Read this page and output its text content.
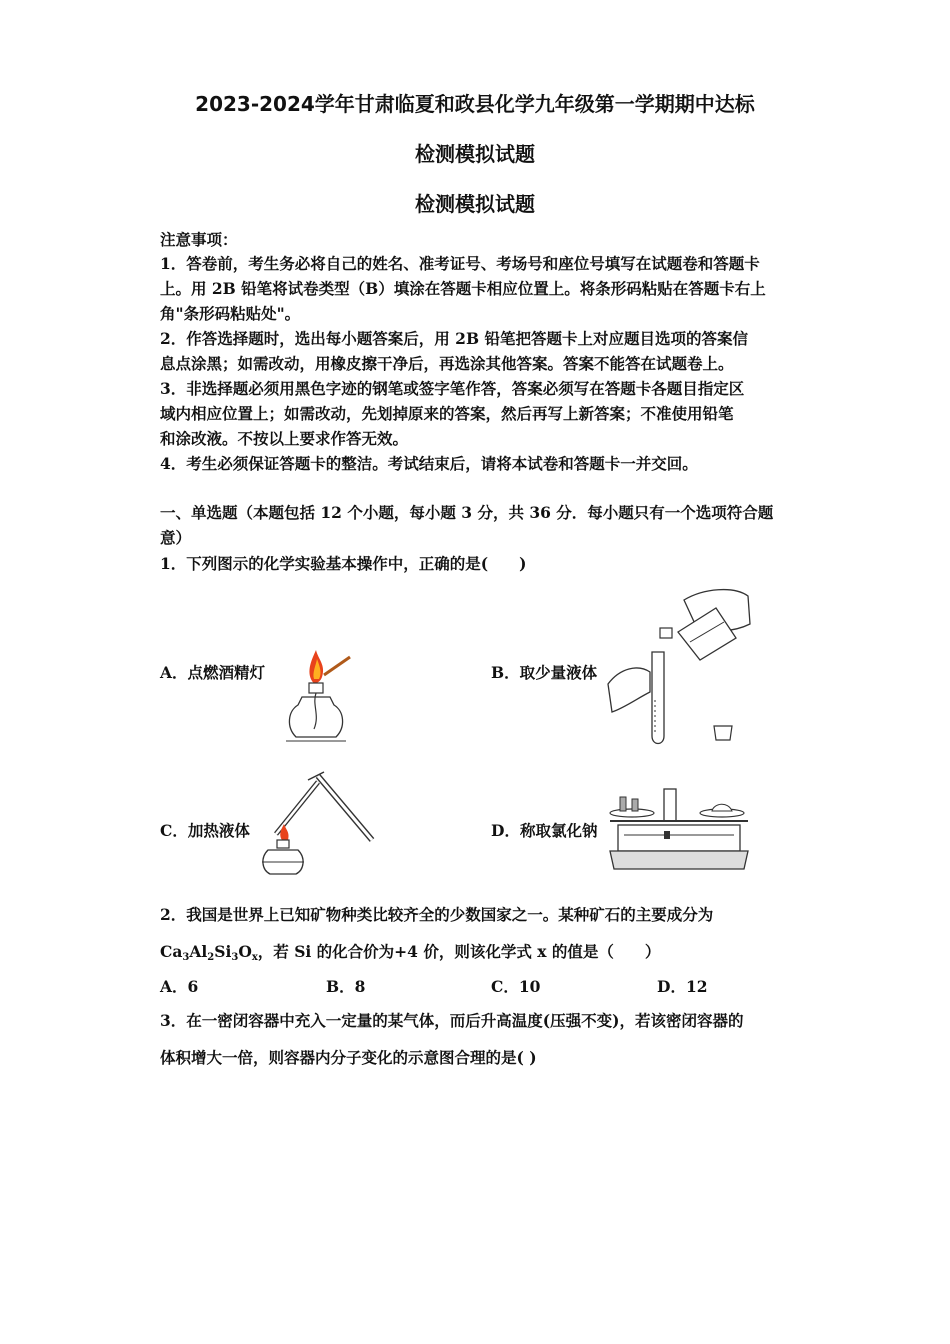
2023-2024学年甘肃临夏和政县化学九年级第一学期期中达标
检测模拟试题
检测模拟试题
注意事项：
1．答卷前，考生务必将自己的姓名、准考证号、考场号和座位号填写在试题卷和答题卡
上。用 2B 铅笔将试卷类型（B）填涂在答题卡相应位置上。将条形码粘贴在答题卡右上
角"条形码粘贴处"。
2．作答选择题时，选出每小题答案后，用 2B 铅笔把答题卡上对应题目选项的答案信
息点涂黑；如需改动，用橡皮擦干净后，再选涂其他答案。答案不能答在试题卷上。
3．非选择题必须用黑色字迹的钢笔或签字笔作答，答案必须写在答题卡各题目指定区
域内相应位置上；如需改动，先划掉原来的答案，然后再写上新答案；不准使用铅笔
和涂改液。不按以上要求作答无效。
4．考生必须保证答题卡的整洁。考试结束后，请将本试卷和答题卡一并交回。
一、单选题（本题包括 12 个小题，每小题 3 分，共 36 分．每小题只有一个选项符合题
意）
1．下列图示的化学实验基本操作中，正确的是(　　)
A．点燃酒精灯	B．取少量液体
C．加热液体	D．称取氯化钠
2．我国是世界上已知矿物种类比较齐全的少数国家之一。某种矿石的主要成分为
$Ca_3Al_2Si_3O_x$，若 Si 的化合价为+4 价，则该化学式 x 的值是（　　）
A．6	B．8	C．10	D．12
3．在一密闭容器中充入一定量的某气体，而后升高温度(压强不变)，若该密闭容器的
体积增大一倍，则容器内分子变化的示意图合理的是( )
